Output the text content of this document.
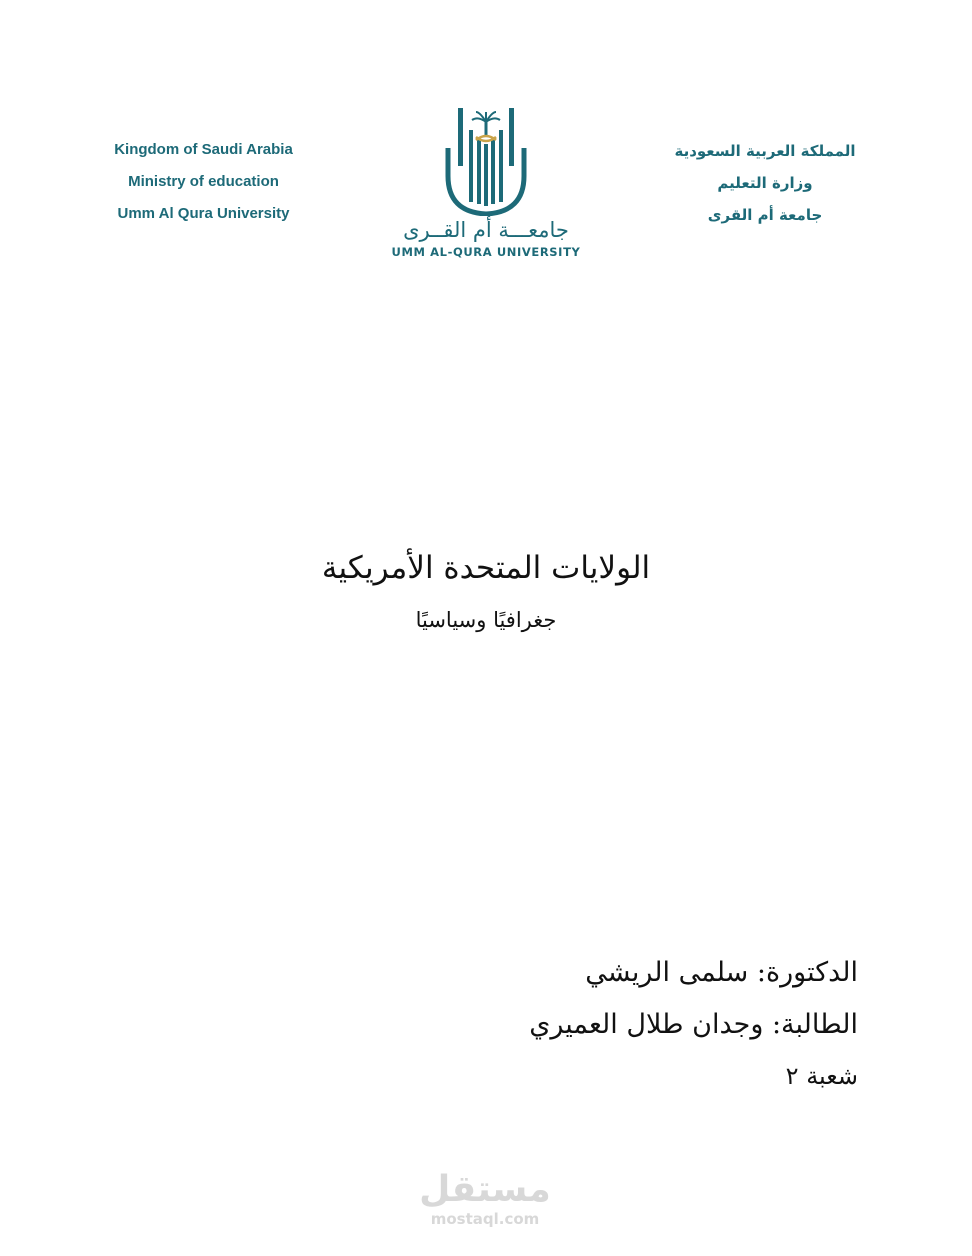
Kingdom of Saudi Arabia
Ministry of education
Umm Al Qura University
جامعـــة أم القــرى
UMM AL-QURA UNIVERSITY
المملكة العربية السعودية
وزارة التعليم
جامعة أم القرى
الولايات المتحدة الأمريكية
جغرافيًا وسياسيًا
الدكتورة: سلمى الريشي
الطالبة: وجدان طلال العميري
شعبة ٢
مستقل
mostaql.com
